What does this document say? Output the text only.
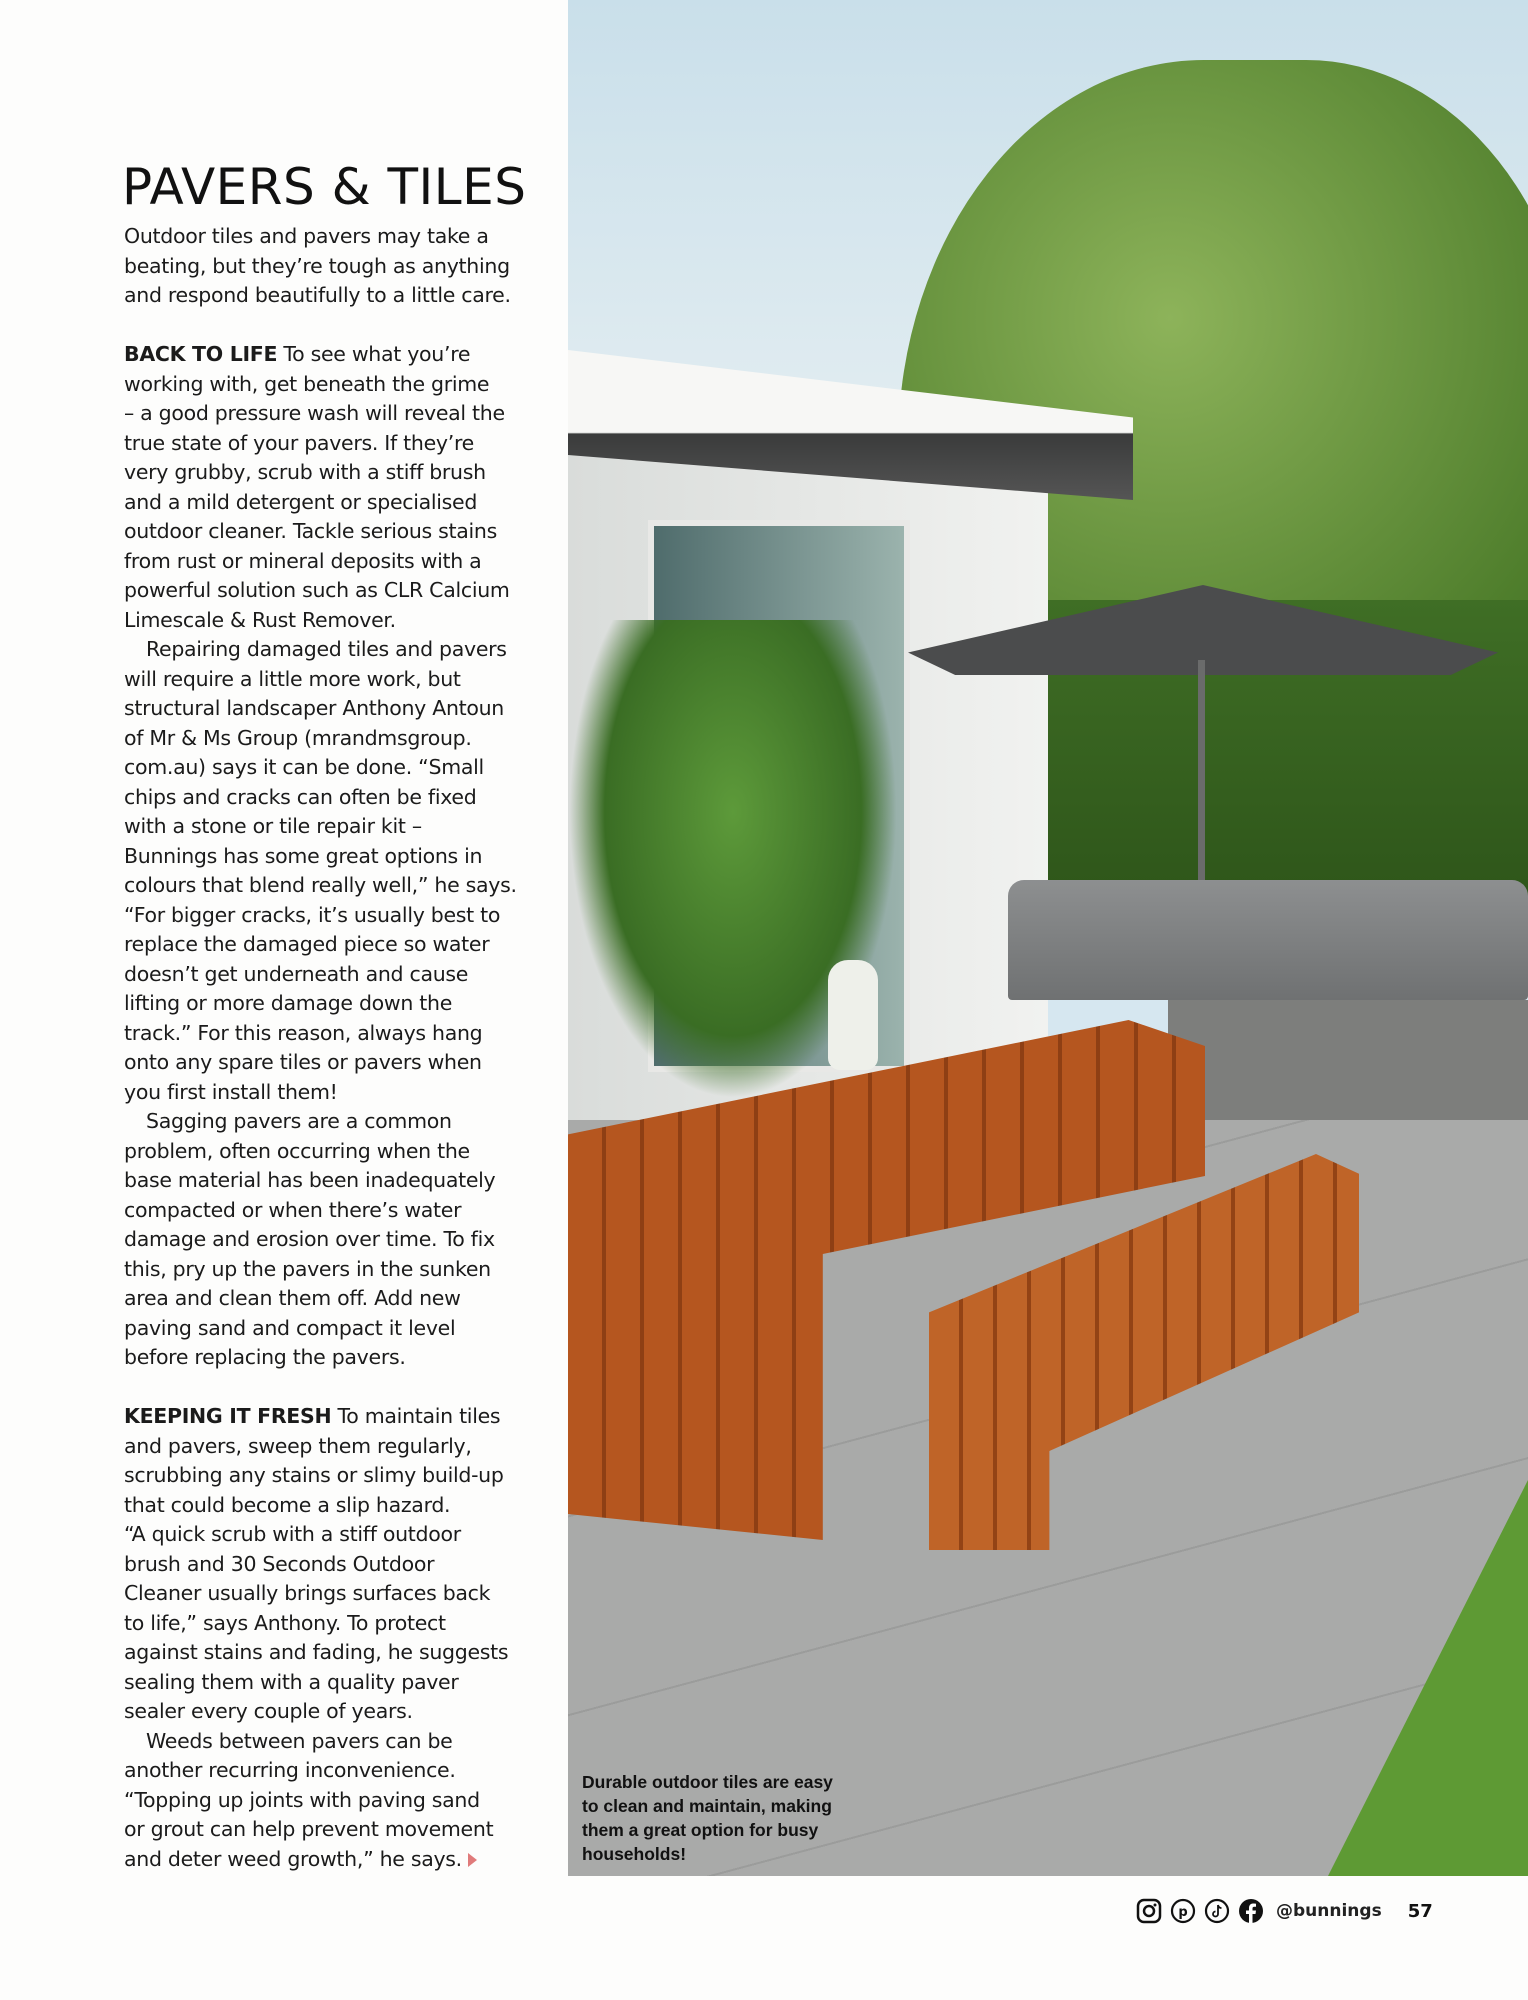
PAVERS & TILES
Outdoor tiles and pavers may take a
beating, but they’re tough as anything
and respond beautifully to a little care.
BACK TO LIFE To see what you’re
working with, get beneath the grime
– a good pressure wash will reveal the
true state of your pavers. If they’re
very grubby, scrub with a stiff brush
and a mild detergent or specialised
outdoor cleaner. Tackle serious stains
from rust or mineral deposits with a
powerful solution such as CLR Calcium
Limescale & Rust Remover.
Repairing damaged tiles and pavers
will require a little more work, but
structural landscaper Anthony Antoun
of Mr & Ms Group (mrandmsgroup.
com.au) says it can be done. “Small
chips and cracks can often be fixed
with a stone or tile repair kit –
Bunnings has some great options in
colours that blend really well,” he says.
“For bigger cracks, it’s usually best to
replace the damaged piece so water
doesn’t get underneath and cause
lifting or more damage down the
track.” For this reason, always hang
onto any spare tiles or pavers when
you first install them!
Sagging pavers are a common
problem, often occurring when the
base material has been inadequately
compacted or when there’s water
damage and erosion over time. To fix
this, pry up the pavers in the sunken
area and clean them off. Add new
paving sand and compact it level
before replacing the pavers.
KEEPING IT FRESH To maintain tiles
and pavers, sweep them regularly,
scrubbing any stains or slimy build-up
that could become a slip hazard.
“A quick scrub with a stiff outdoor
brush and 30 Seconds Outdoor
Cleaner usually brings surfaces back
to life,” says Anthony. To protect
against stains and fading, he suggests
sealing them with a quality paver
sealer every couple of years.
Weeds between pavers can be
another recurring inconvenience.
“Topping up joints with paving sand
or grout can help prevent movement
and deter weed growth,” he says.
Durable outdoor tiles are easy to clean and maintain, making them a great option for busy households!
p	@bunnings 57
